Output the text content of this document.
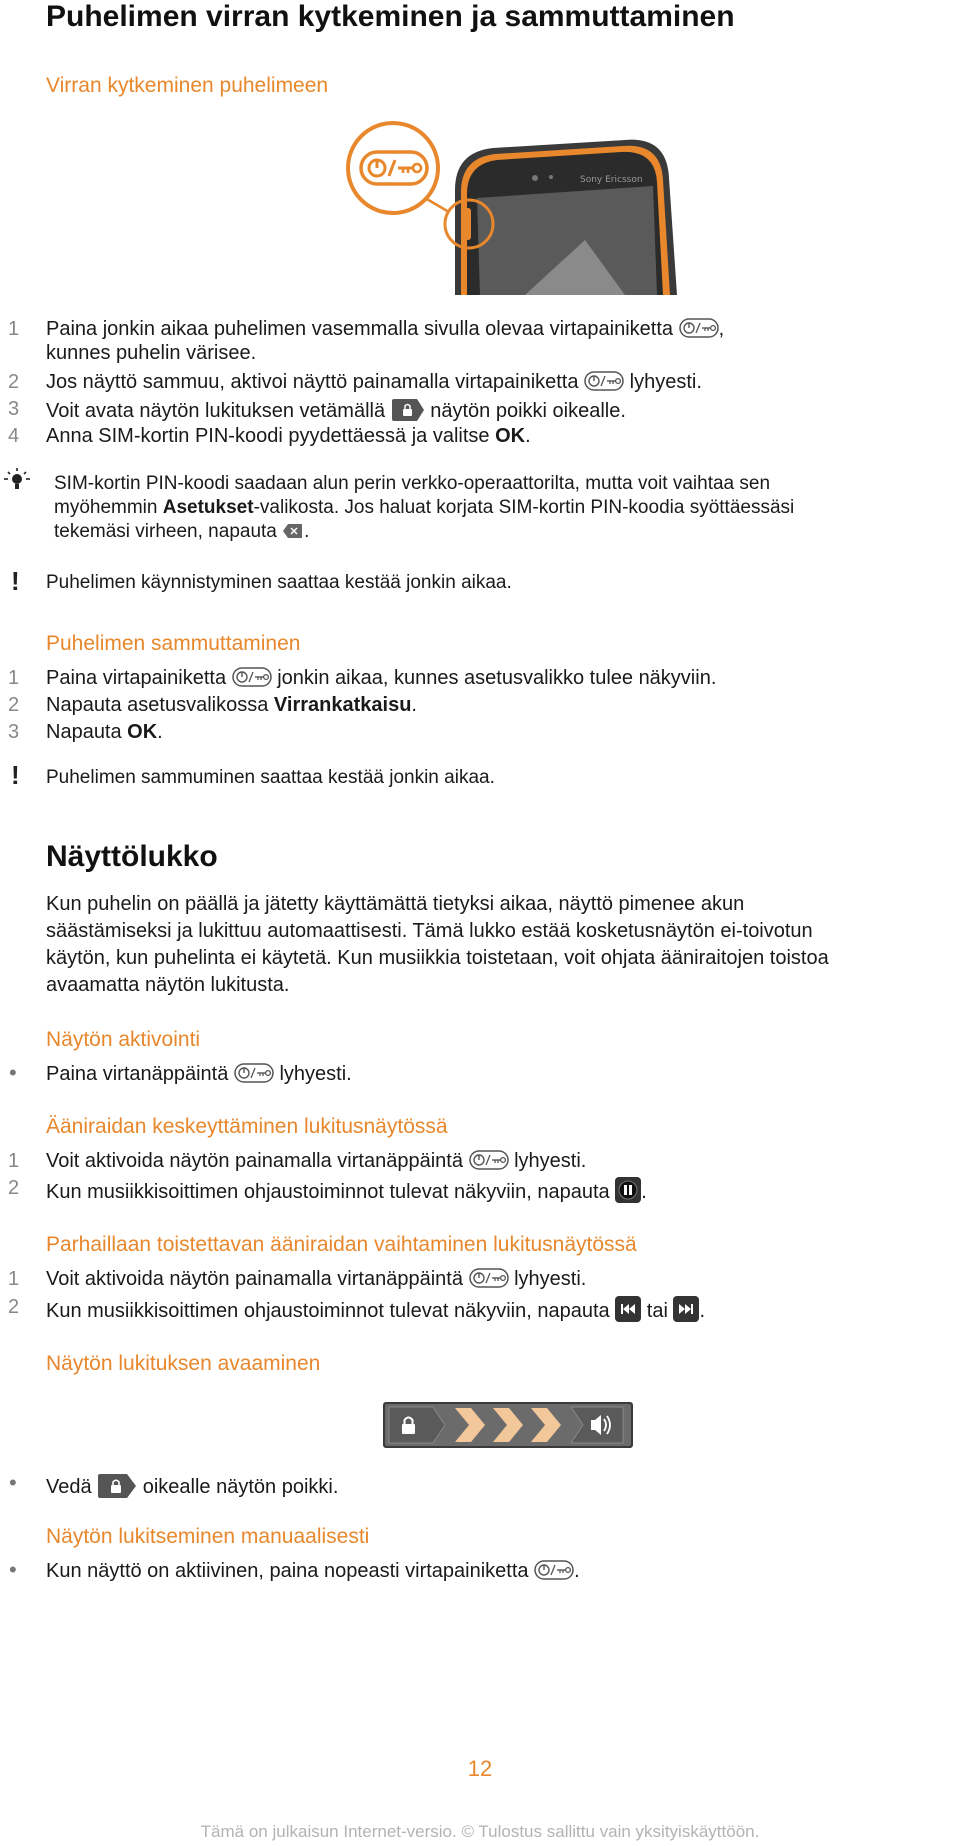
Puhelimen virran kytkeminen ja sammuttaminen
Virran kytkeminen puhelimeen
Sony Ericsson
1 Paina jonkin aikaa puhelimen vasemmalla sivulla olevaa virtapainiketta ,
kunnes puhelin värisee.
2 Jos näyttö sammuu, aktivoi näyttö painamalla virtapainiketta	lyhyesti.
3 Voit avata näytön lukituksen vetämällä näytön poikki oikealle.
4 Anna SIM-kortin PIN-koodi pyydettäessä ja valitse OK.
SIM-kortin PIN-koodi saadaan alun perin verkko-operaattorilta, mutta voit vaihtaa sen
myöhemmin Asetukset-valikosta. Jos haluat korjata SIM-kortin PIN-koodia syöttäessäsi
tekemäsi virheen, napauta .
! Puhelimen käynnistyminen saattaa kestää jonkin aikaa.
Puhelimen sammuttaminen
1 Paina virtapainiketta	jonkin aikaa, kunnes asetusvalikko tulee näkyviin.
2 Napauta asetusvalikossa Virrankatkaisu.
3 Napauta OK.
! Puhelimen sammuminen saattaa kestää jonkin aikaa.
Näyttölukko
Kun puhelin on päällä ja jätetty käyttämättä tietyksi aikaa, näyttö pimenee akun
säästämiseksi ja lukittuu automaattisesti. Tämä lukko estää kosketusnäytön ei-toivotun
käytön, kun puhelinta ei käytetä. Kun musiikkia toistetaan, voit ohjata ääniraitojen toistoa
avaamatta näytön lukitusta.
Näytön aktivointi
• Paina virtanäppäintä	lyhyesti.
Ääniraidan keskeyttäminen lukitusnäytössä
1 Voit aktivoida näytön painamalla virtanäppäintä	lyhyesti.
2 Kun musiikkisoittimen ohjaustoiminnot tulevat näkyviin, napauta .
Parhaillaan toistettavan ääniraidan vaihtaminen lukitusnäytössä
1 Voit aktivoida näytön painamalla virtanäppäintä	lyhyesti.
2 Kun musiikkisoittimen ohjaustoiminnot tulevat näkyviin, napauta tai .
Näytön lukituksen avaaminen
• Vedä	oikealle näytön poikki.
Näytön lukitseminen manuaalisesti
• Kun näyttö on aktiivinen, paina nopeasti virtapainiketta .
12
Tämä on julkaisun Internet-versio. © Tulostus sallittu vain yksityiskäyttöön.
